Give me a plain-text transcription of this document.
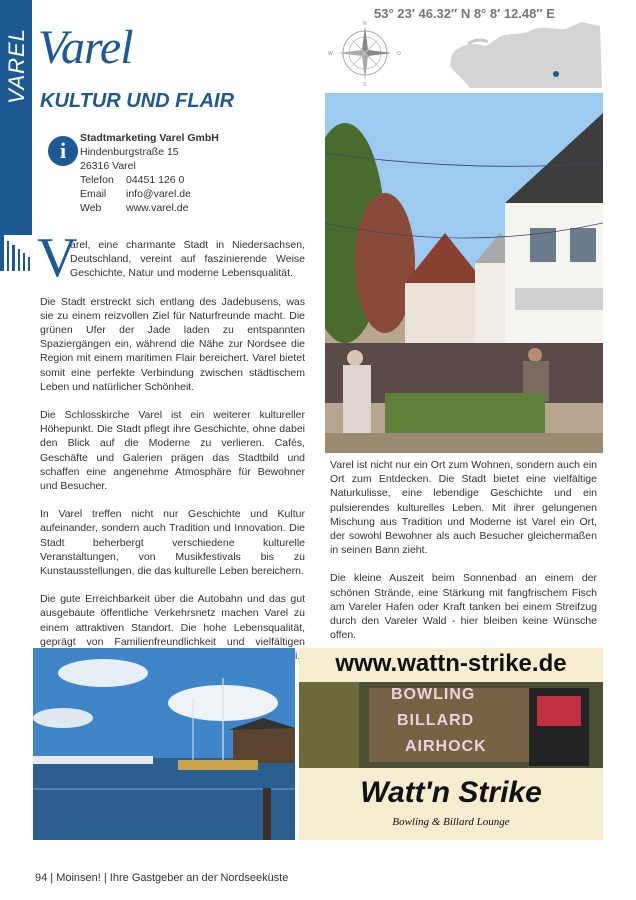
VAREL Varel
KULTUR UND FLAIR
53° 23′ 46.32″ N 8° 8′ 12.48″ E
N
S
W	O
i	Stadtmarketing Varel GmbH
Hindenburgstraße 15
26316 Varel
Telefon 04451 126 0
Email info@varel.de
Web www.varel.de

V
arel, eine charmante Stadt in Niedersachsen, Deutschland, vereint auf faszinierende Weise Geschichte, Natur und moderne Lebensqualität.

Die Stadt erstreckt sich entlang des Jadebusens, was sie zu einem reizvollen Ziel für Naturfreunde macht. Die grünen Ufer der Jade laden zu entspannten Spaziergängen ein, während die Nähe zur Nordsee die Region mit einem maritimen Flair bereichert. Varel bietet somit eine perfekte Verbindung zwischen städtischem Leben und natürlicher Schönheit.

Die Schlosskirche Varel ist ein weiterer kultureller Höhepunkt. Die Stadt pflegt ihre Geschichte, ohne dabei den Blick auf die Moderne zu verlieren. Cafés, Geschäfte und Galerien prägen das Stadtbild und schaffen eine angenehme Atmosphäre für Bewohner und Besucher.

In Varel treffen nicht nur Geschichte und Kultur aufeinander, sondern auch Tradition und Innovation. Die Stadt beherbergt verschiedene kulturelle Veranstaltungen, von Musikfestivals bis zu Kunstausstellungen, die das kulturelle Leben bereichern.

Die gute Erreichbarkeit über die Autobahn und das gut ausgebaute öffentliche Verkehrsnetz machen Varel zu einem attraktiven Standort. Die hohe Lebensqualität, geprägt von Familienfreundlichkeit und vielfältigen

Varel ist nicht nur ein Ort zum Wohnen, sondern auch ein Ort zum Entdecken. Die Stadt bietet eine vielfältige Naturkulisse, eine lebendige Geschichte und ein pulsierendes kulturelles Leben. Mit ihrer gelungenen Mischung aus Tradition und Moderne ist Varel ein Ort, der sowohl Bewohner als auch Besucher gleichermaßen in seinen Bann zieht.

Die kleine Auszeit beim Sonnenbad an einem der schönen Strände, eine Stärkung mit fangfrischem Fisch am Vareler Hafen oder Kraft tanken bei einem Streifzug durch den Vareler Wald - hier bleiben keine Wünsche offen.

www.wattn-strike.de
BOWLING
BILLARD
AIRHOCK
Watt'n Strike
Bowling & Billard Lounge
94 | Moinsen! | Ihre Gastgeber an der Nordseeküste
